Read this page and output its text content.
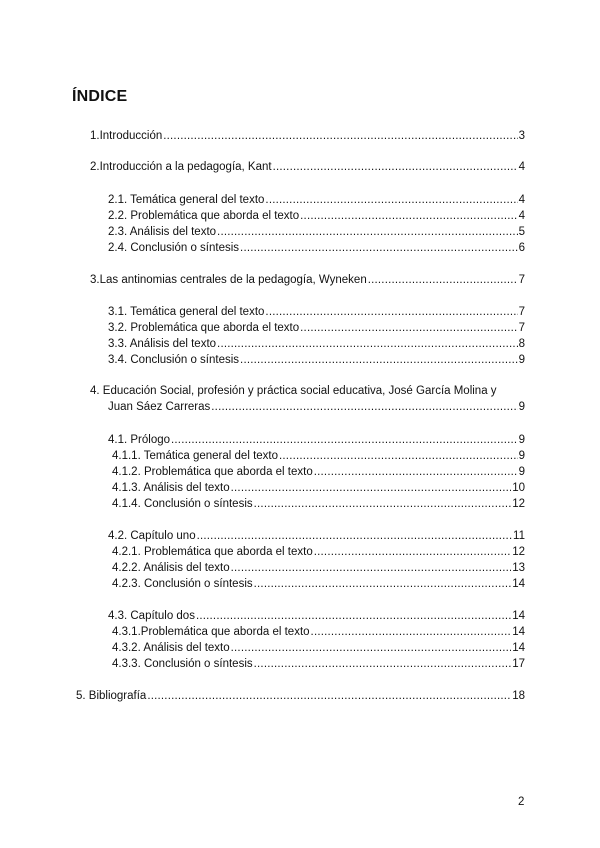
ÍNDICE
1. Introducción .....	3
2. Introducción a la pedagogía, Kant .....	4
2.1. Temática general del texto .....	4
2.2. Problemática que aborda el texto .....	4
2.3. Análisis del texto .....	5
2.4. Conclusión o síntesis .....	6
3. Las antinomias centrales de la pedagogía, Wyneken .....	7
3.1. Temática general del texto .....	7
3.2. Problemática que aborda el texto .....	7
3.3. Análisis del texto .....	8
3.4. Conclusión o síntesis .....	9
4. Educación Social, profesión y práctica social educativa, José García Molina y
Juan Sáez Carreras .....	9
4.1. Prólogo .....	9
4.1.1. Temática general del texto .....	9
4.1.2. Problemática que aborda el texto .....	9
4.1.3. Análisis del texto .....	10
4.1.4. Conclusión o síntesis .....	12
4.2. Capítulo uno .....	11
4.2.1. Problemática que aborda el texto .....	12
4.2.2. Análisis del texto .....	13
4.2.3. Conclusión o síntesis .....	14
4.3. Capítulo dos .....	14
4.3.1.Problemática que aborda el texto .....	14
4.3.2. Análisis del texto .....	14
4.3.3. Conclusión o síntesis .....	17
5. Bibliografía .....	18
2
